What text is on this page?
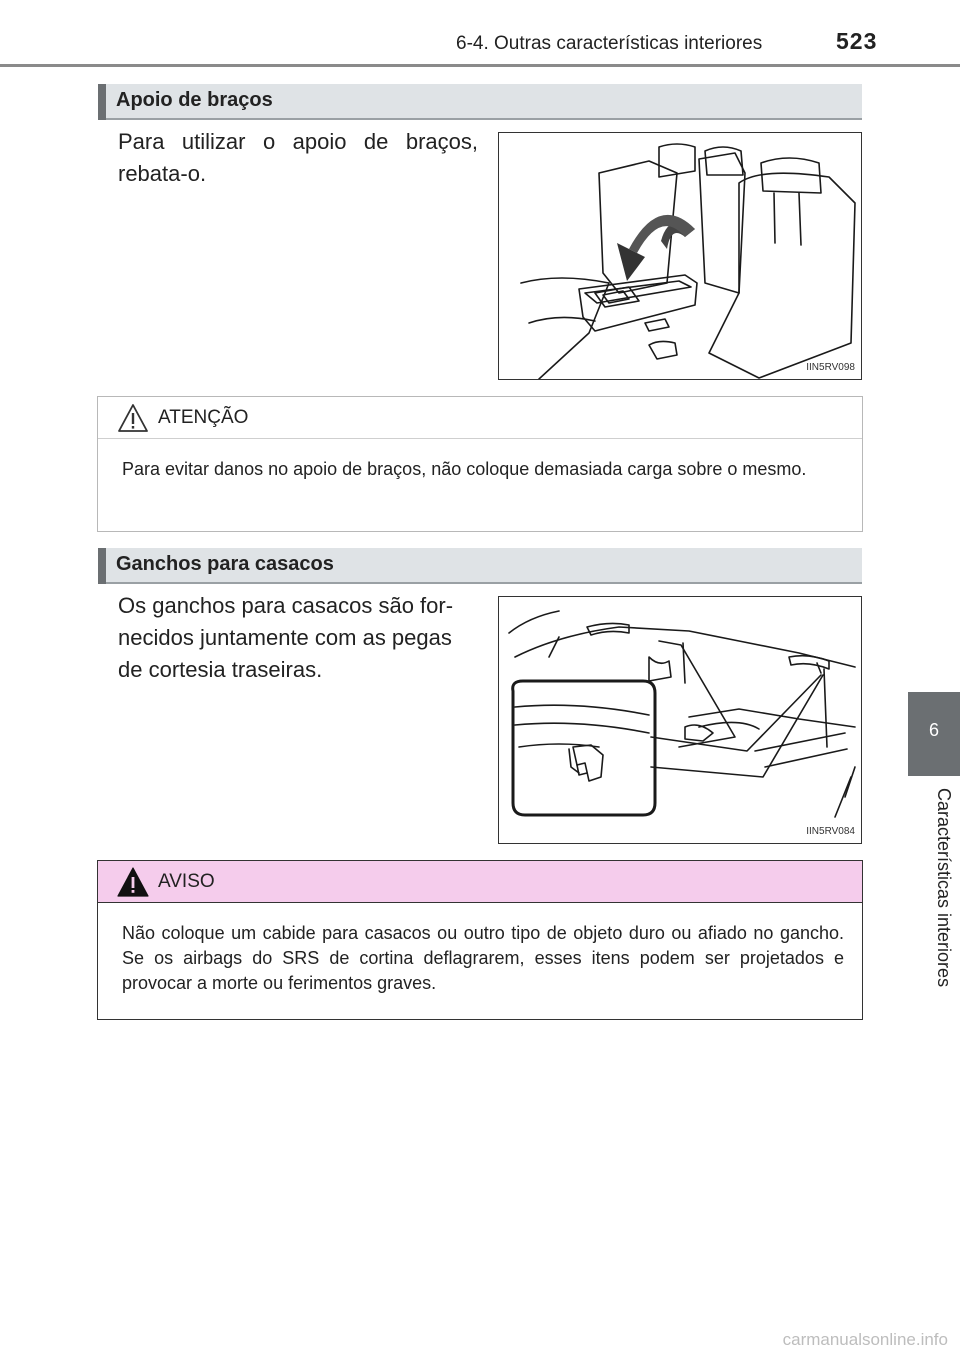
6-4. Outras características interiores	523
Apoio de braços
Para utilizar o apoio de braços, rebata-o.
IIN5RV098
ATENÇÃO
Para evitar danos no apoio de braços, não coloque demasiada carga sobre o mesmo.
Ganchos para casacos
Os ganchos para casacos são for-necidos juntamente com as pegas de cortesia traseiras.
IIN5RV084
AVISO
Não coloque um cabide para casacos ou outro tipo de objeto duro ou afiado no gancho. Se os airbags do SRS de cortina deflagrarem, esses itens podem ser projetados e provocar a morte ou ferimentos graves.
6
Características interiores
carmanualsonline.info
